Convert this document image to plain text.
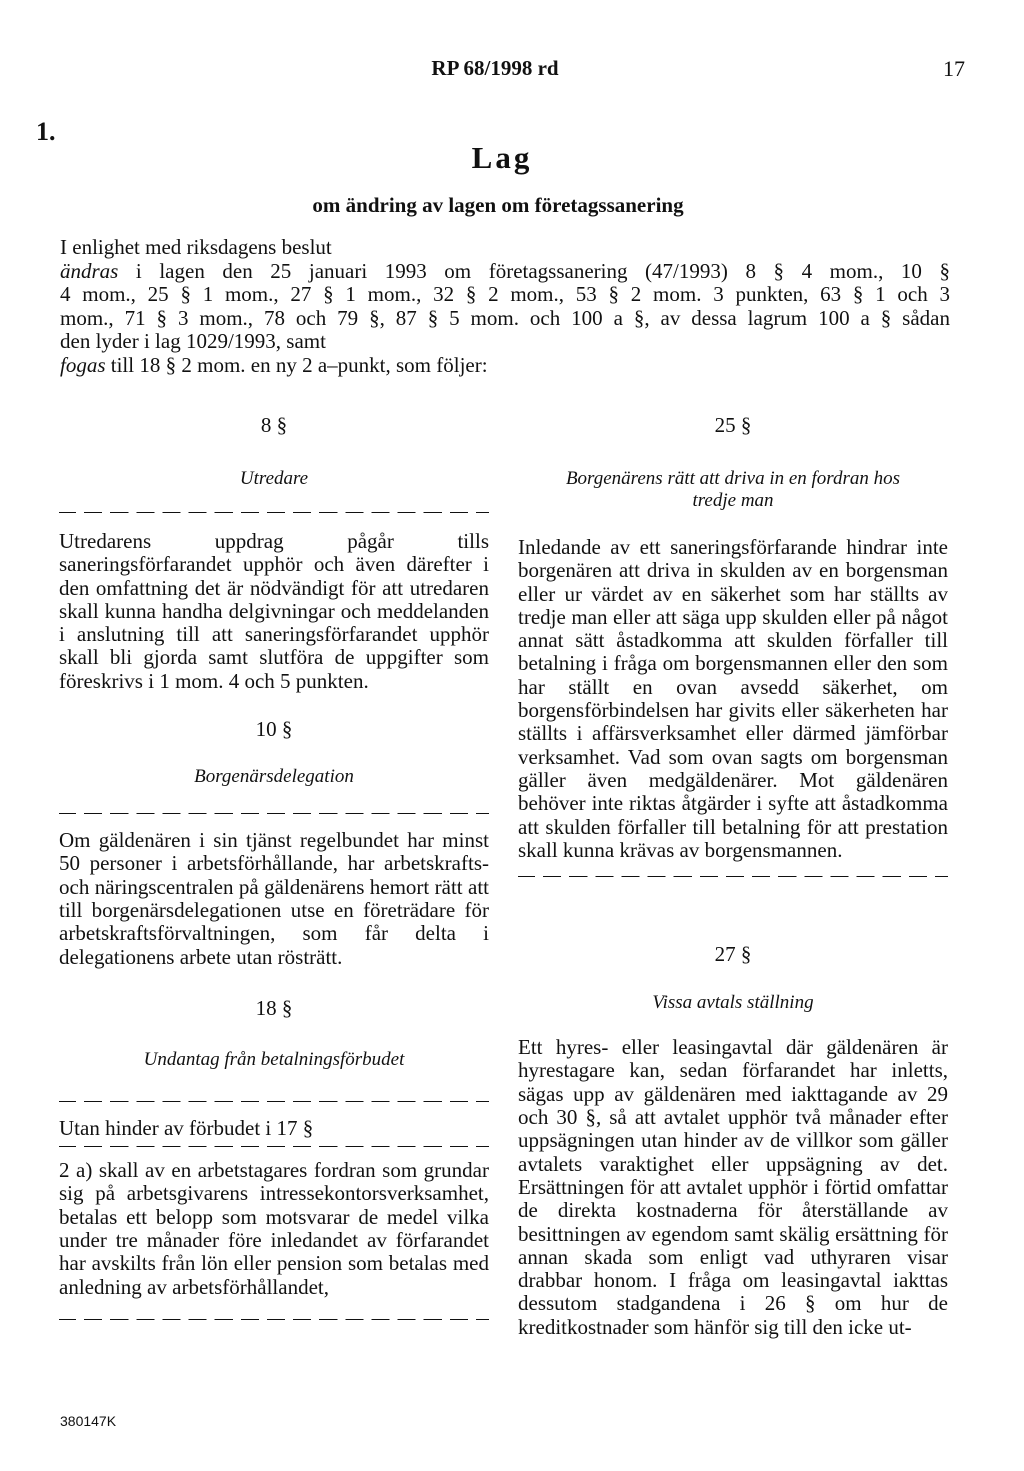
RP 68/1998 rd	17
1.
Lag
om ändring av lagen om företagssanering

I enlighet med riksdagens beslut

ändras i lagen den 25 januari 1993 om företagssanering (47/1993) 8 § 4 mom., 10 §

4 mom., 25 § 1 mom., 27 § 1 mom., 32 § 2 mom., 53 § 2 mom. 3 punkten, 63 § 1 och 3

mom., 71 § 3 mom., 78 och 79 §, 87 § 5 mom. och 100 a §, av dessa lagrum 100 a § sådan

den lyder i lag 1029/1993, samt

fogas till 18 § 2 mom. en ny 2 a–punkt, som följer:

8 §
Utredare

Utredarens uppdrag pågår tills saneringsförfarandet upphör och även därefter i den omfattning det är nödvändigt för att utredaren skall kunna handha delgivningar och meddelanden i anslutning till att saneringsförfarandet upphör skall bli gjorda samt slutföra de uppgifter som föreskrivs i 1 mom. 4 och 5 punkten.

10 §
Borgenärsdelegation

Om gäldenären i sin tjänst regelbundet har minst 50 personer i arbetsförhållande, har arbetskrafts- och näringscentralen på gäldenärens hemort rätt att till borgenärsdelegationen utse en företrädare för arbetskraftsförvaltningen, som får delta i delegationens arbete utan rösträtt.

18 §
Undantag från betalningsförbudet

Utan hinder av förbudet i 17 §

2 a) skall av en arbetstagares fordran som grundar sig på arbetsgivarens intressekontorsverksamhet, betalas ett belopp som motsvarar de medel vilka under tre månader före inledandet av förfarandet har avskilts från lön eller pension som betalas med anledning av arbetsförhållandet,

25 §
Borgenärens rätt att driva in en fordran hos
tredje man

Inledande av ett saneringsförfarande hindrar inte borgenären att driva in skulden av en borgensman eller ur värdet av en säkerhet som har ställts av tredje man eller att säga upp skulden eller på något annat sätt åstadkomma att skulden förfaller till betalning i fråga om borgensmannen eller den som har ställt en ovan avsedd säkerhet, om borgensförbindelsen har givits eller säkerheten har ställts i affärsverksamhet eller därmed jämförbar verksamhet. Vad som ovan sagts om borgensman gäller även medgäldenärer. Mot gäldenären behöver inte riktas åtgärder i syfte att åstadkomma att skulden förfaller till betalning för att prestation skall kunna krävas av borgensmannen.

27 §
Vissa avtals ställning

Ett hyres- eller leasingavtal där gäldenären är hyrestagare kan, sedan förfarandet har inletts, sägas upp av gäldenären med iakttagande av 29 och 30 §, så att avtalet upphör två månader efter uppsägningen utan hinder av de villkor som gäller avtalets varaktighet eller uppsägning av det. Ersättningen för att avtalet upphör i förtid omfattar de direkta kostnaderna för återställande av besittningen av egendom samt skälig ersättning för annan skada som enligt vad uthyraren visar drabbar honom. I fråga om leasingavtal iakttas dessutom stadgandena i 26 § om hur de kreditkostnader som hänför sig till den icke ut-

380147K
